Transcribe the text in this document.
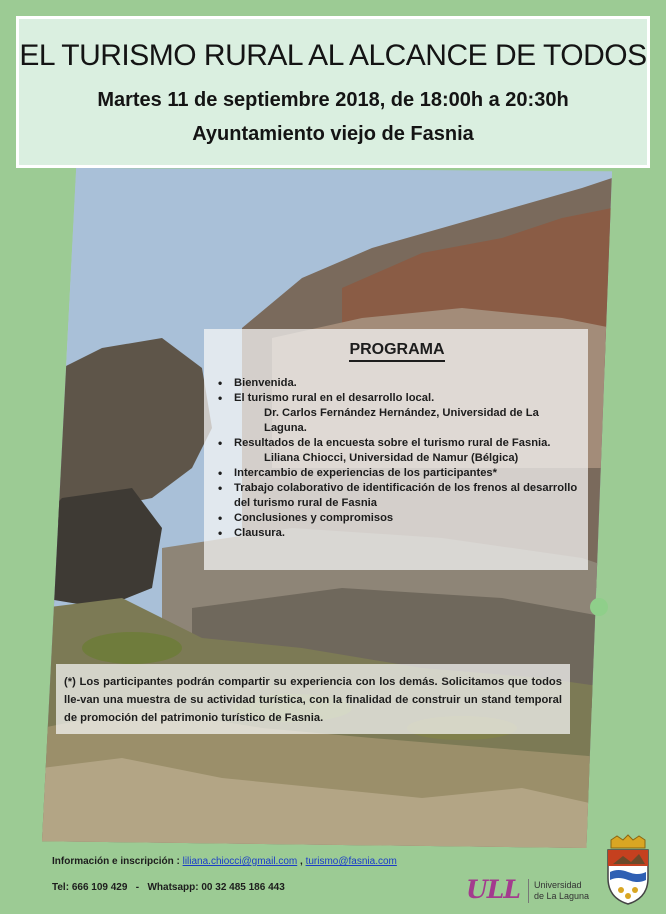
EL TURISMO RURAL AL ALCANCE DE TODOS
Martes 11 de septiembre 2018, de 18:00h a 20:30h
Ayuntamiento viejo de Fasnia
PROGRAMA
• Bienvenida.
• El turismo rural en el desarrollo local.
Dr. Carlos Fernández Hernández, Universidad de La Laguna.
• Resultados de la encuesta sobre el turismo rural de Fasnia.
Liliana Chiocci, Universidad de Namur (Bélgica)
• Intercambio de experiencias de los participantes*
• Trabajo colaborativo de identificación de los frenos al desarrollo del turismo rural de Fasnia
• Conclusiones y compromisos
• Clausura.
(*) Los participantes podrán compartir su experiencia con los demás. Solicitamos que todos lle-van una muestra de su actividad turística, con la finalidad de construir un stand temporal de promoción del patrimonio turístico de Fasnia.
Información e inscripción : liliana.chiocci@gmail.com , turismo@fasnia.com
Tel: 666 109 429 - Whatsapp: 00 32 485 186 443	ULL Universidad
de La Laguna
